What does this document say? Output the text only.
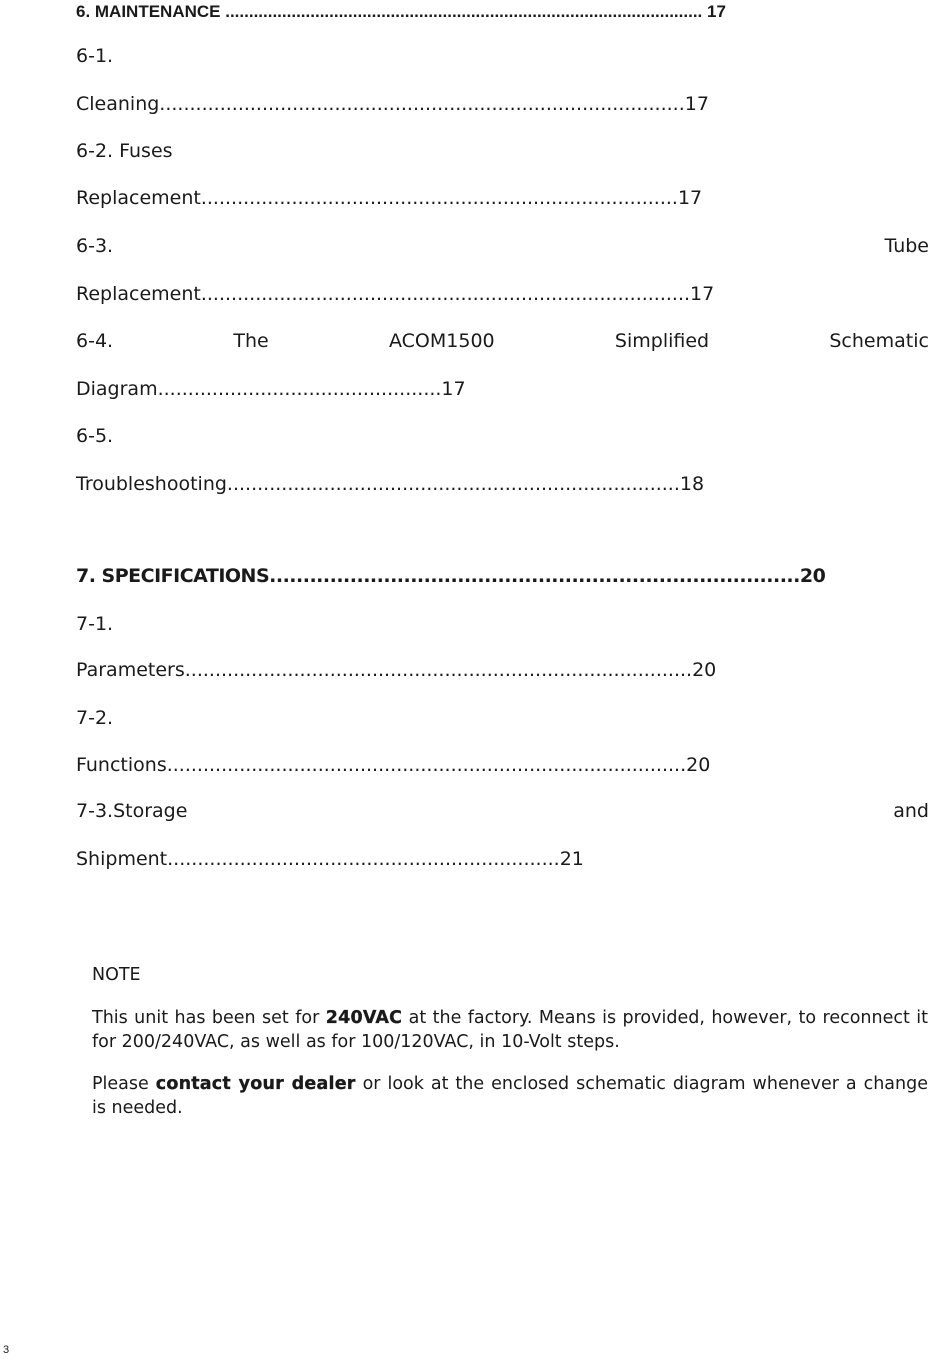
6. MAINTENANCE ..................................................................................................... 17
6-1.
Cleaning.......................................................................................17
6-2. Fuses
Replacement...............................................................................17
6-3.	Tube
Replacement.................................................................................17
6-4.	The	ACOM1500	Simplified	Schematic
Diagram...............................................17
6-5.
Troubleshooting...........................................................................18
7. SPECIFICATIONS...............................................................................20
7-1.
Parameters....................................................................................20
7-2.
Functions......................................................................................20
7-3.Storage	and
Shipment.................................................................21
NOTE
This unit has been set for 240VAC at the factory. Means is provided, however, to reconnect it for 200/240VAC, as well as for 100/120VAC, in 10-Volt steps.
Please contact your dealer or look at the enclosed schematic diagram whenever a change is needed.
3
